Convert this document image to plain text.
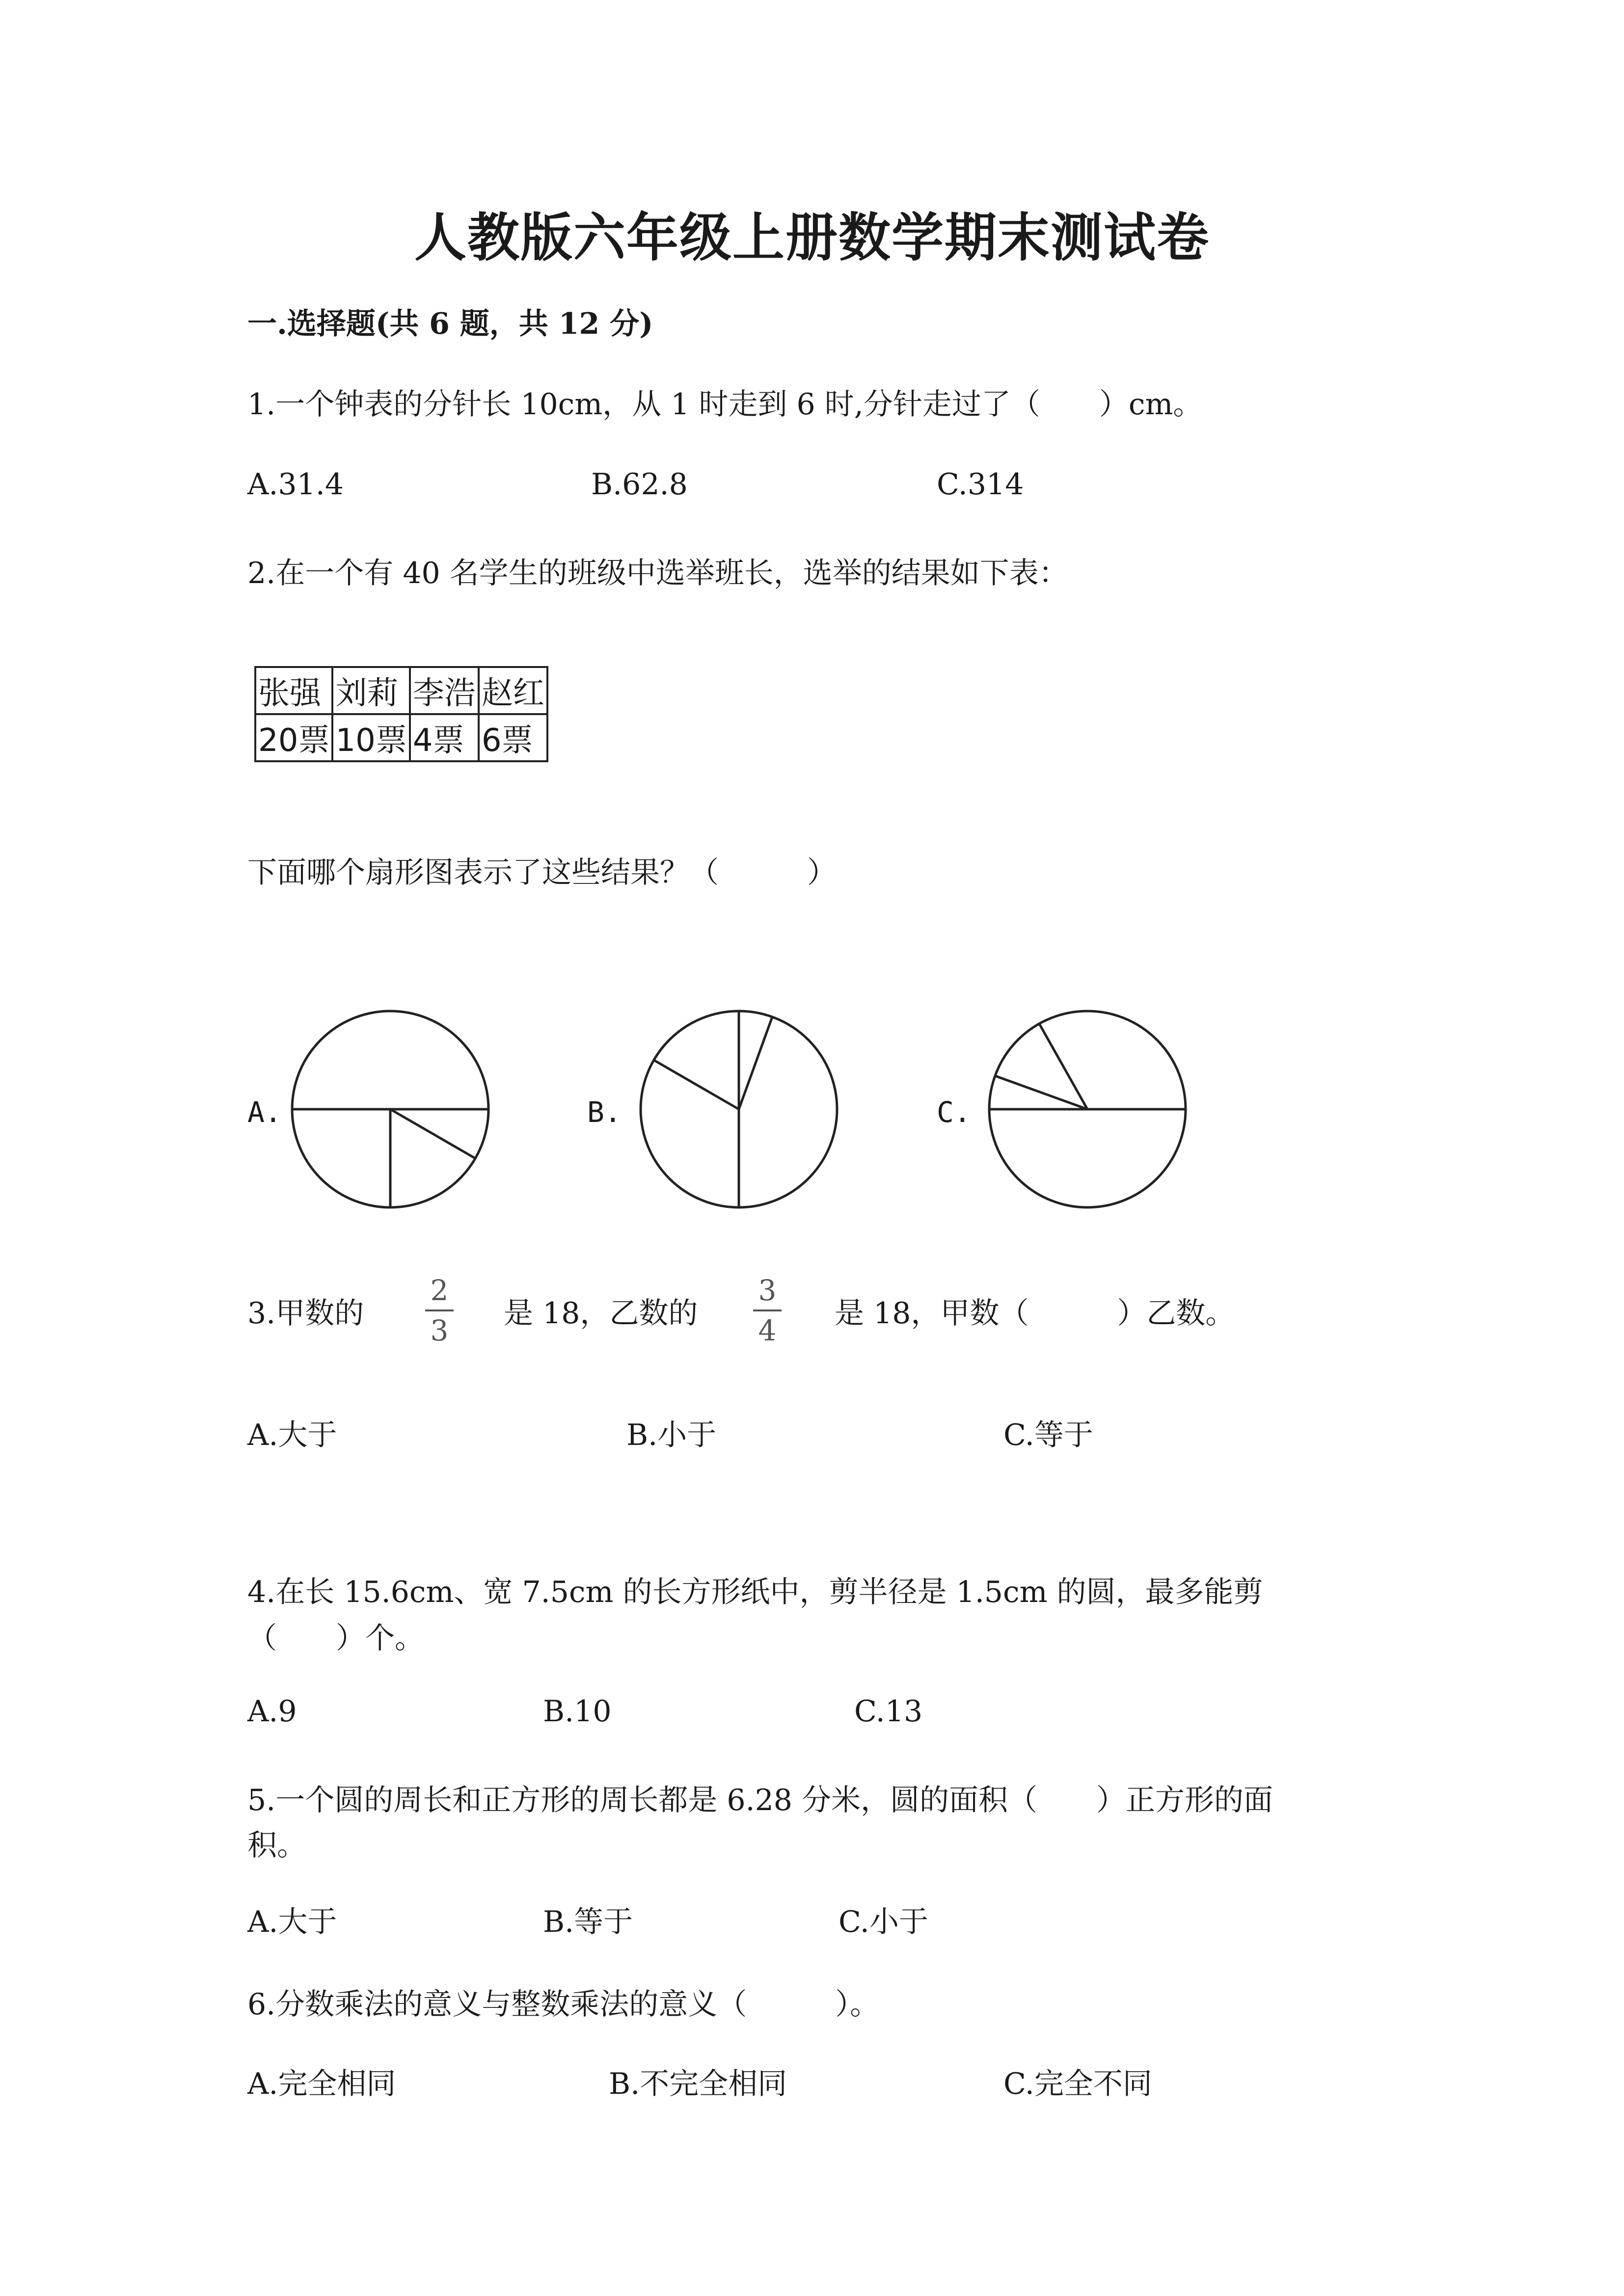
人教版六年级上册数学期末测试卷
一.选择题(共 6 题，共 12 分)
1.一个钟表的分针长 10cm，从 1 时走到 6 时,分针走过了（　　）cm。
A.31.4	B.62.8	C.314
2.在一个有 40 名学生的班级中选举班长，选举的结果如下表：
张强	刘莉	李浩	赵红
20票	10票	4票	6票
下面哪个扇形图表示了这些结果？（　　　）
A.	B.	C.
3.甲数的
2
3 是 18，乙数的
3
4 是 18，甲数（　　　）乙数。
A.大于	B.小于	C.等于
4.在长 15.6cm、宽 7.5cm 的长方形纸中，剪半径是 1.5cm 的圆，最多能剪
（　　）个。
A.9	B.10	C.13
5.一个圆的周长和正方形的周长都是 6.28 分米，圆的面积（　　）正方形的面
积。
A.大于	B.等于	C.小于
6.分数乘法的意义与整数乘法的意义（　　　）。
A.完全相同	B.不完全相同	C.完全不同
